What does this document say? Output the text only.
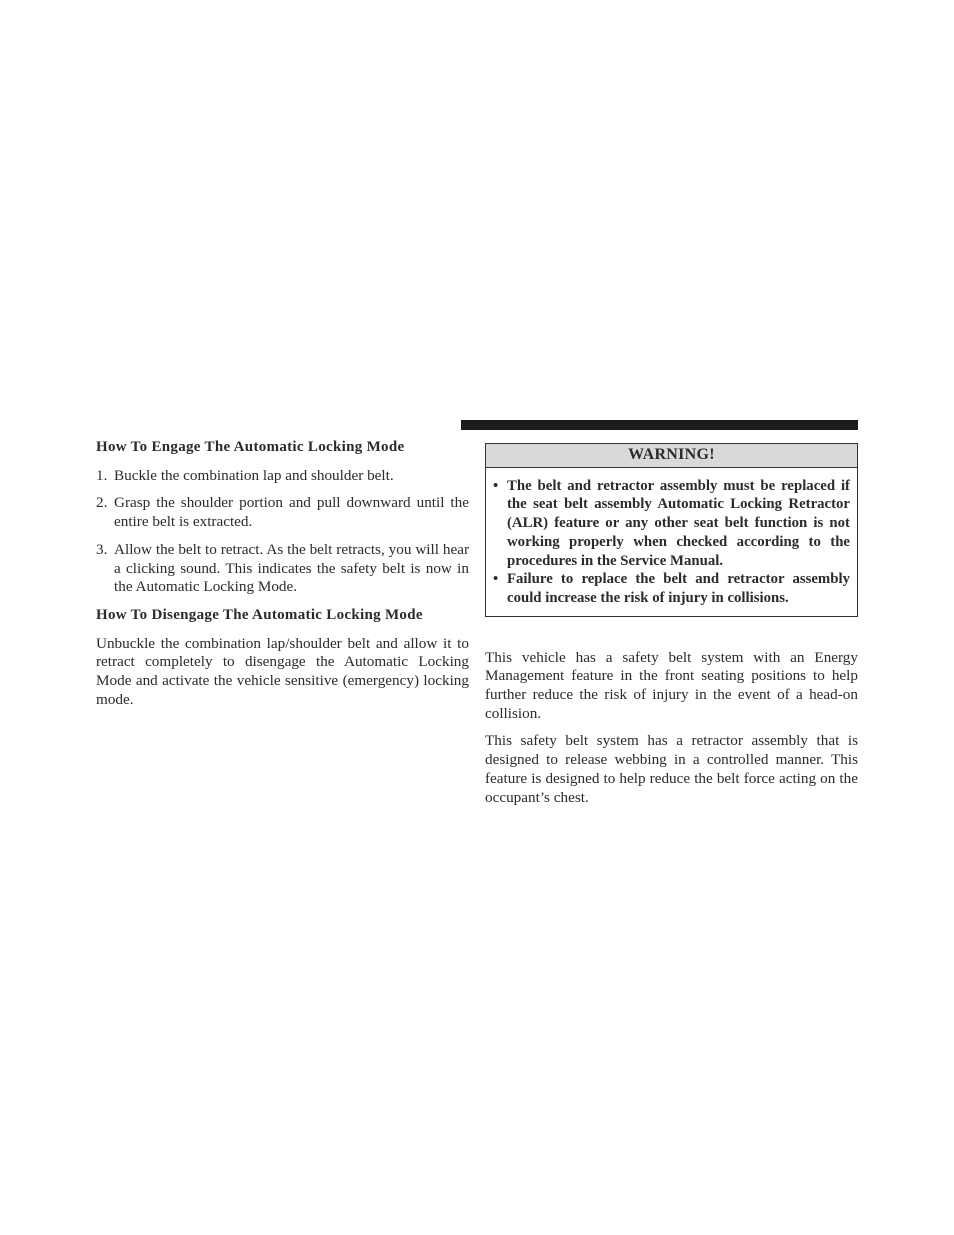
How To Engage The Automatic Locking Mode
1. Buckle the combination lap and shoulder belt.
2. Grasp the shoulder portion and pull downward until the entire belt is extracted.
3. Allow the belt to retract. As the belt retracts, you will hear a clicking sound. This indicates the safety belt is now in the Automatic Locking Mode.
How To Disengage The Automatic Locking Mode
Unbuckle the combination lap/shoulder belt and allow it to retract completely to disengage the Automatic Locking Mode and activate the vehicle sensitive (emergency) locking mode.
WARNING!
• The belt and retractor assembly must be replaced if the seat belt assembly Automatic Locking Retractor (ALR) feature or any other seat belt function is not working properly when checked according to the procedures in the Service Manual.
• Failure to replace the belt and retractor assembly could increase the risk of injury in collisions.
This vehicle has a safety belt system with an Energy Management feature in the front seating positions to help further reduce the risk of injury in the event of a head-on collision.
This safety belt system has a retractor assembly that is designed to release webbing in a controlled manner. This feature is designed to help reduce the belt force acting on the occupant’s chest.
